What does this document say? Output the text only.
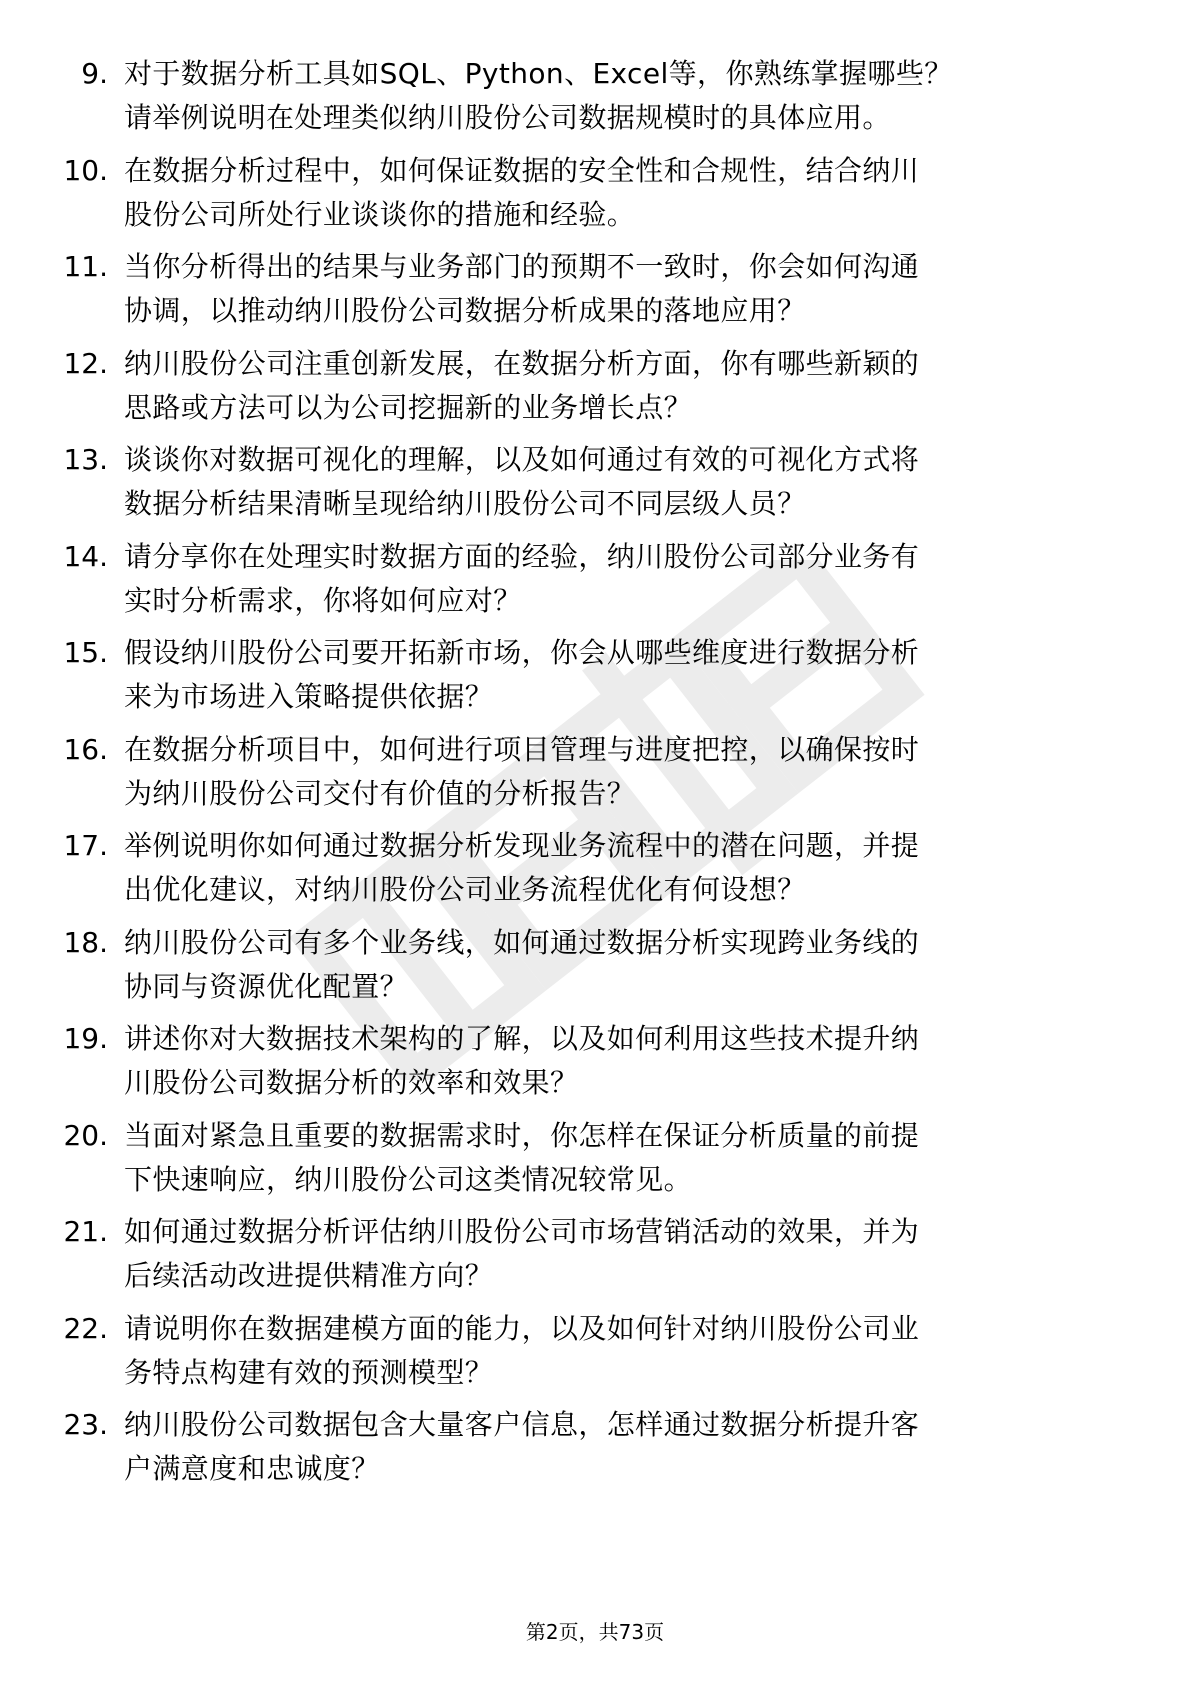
9. 对于数据分析工具如SQL、Python、Excel等，你熟练掌握哪些？
请举例说明在处理类似纳川股份公司数据规模时的具体应用。
10. 在数据分析过程中，如何保证数据的安全性和合规性，结合纳川
股份公司所处行业谈谈你的措施和经验。
11. 当你分析得出的结果与业务部门的预期不一致时，你会如何沟通
协调，以推动纳川股份公司数据分析成果的落地应用？
12. 纳川股份公司注重创新发展，在数据分析方面，你有哪些新颖的
思路或方法可以为公司挖掘新的业务增长点？
13. 谈谈你对数据可视化的理解，以及如何通过有效的可视化方式将
数据分析结果清晰呈现给纳川股份公司不同层级人员？
14. 请分享你在处理实时数据方面的经验，纳川股份公司部分业务有
实时分析需求，你将如何应对？
15. 假设纳川股份公司要开拓新市场，你会从哪些维度进行数据分析
来为市场进入策略提供依据？
16. 在数据分析项目中，如何进行项目管理与进度把控，以确保按时
为纳川股份公司交付有价值的分析报告？
17. 举例说明你如何通过数据分析发现业务流程中的潜在问题，并提
出优化建议，对纳川股份公司业务流程优化有何设想？
18. 纳川股份公司有多个业务线，如何通过数据分析实现跨业务线的
协同与资源优化配置？
19. 讲述你对大数据技术架构的了解，以及如何利用这些技术提升纳
川股份公司数据分析的效率和效果？
20. 当面对紧急且重要的数据需求时，你怎样在保证分析质量的前提
下快速响应，纳川股份公司这类情况较常见。
21. 如何通过数据分析评估纳川股份公司市场营销活动的效果，并为
后续活动改进提供精准方向？
22. 请说明你在数据建模方面的能力，以及如何针对纳川股份公司业
务特点构建有效的预测模型？
23. 纳川股份公司数据包含大量客户信息，怎样通过数据分析提升客
户满意度和忠诚度？
第2页，共73页
